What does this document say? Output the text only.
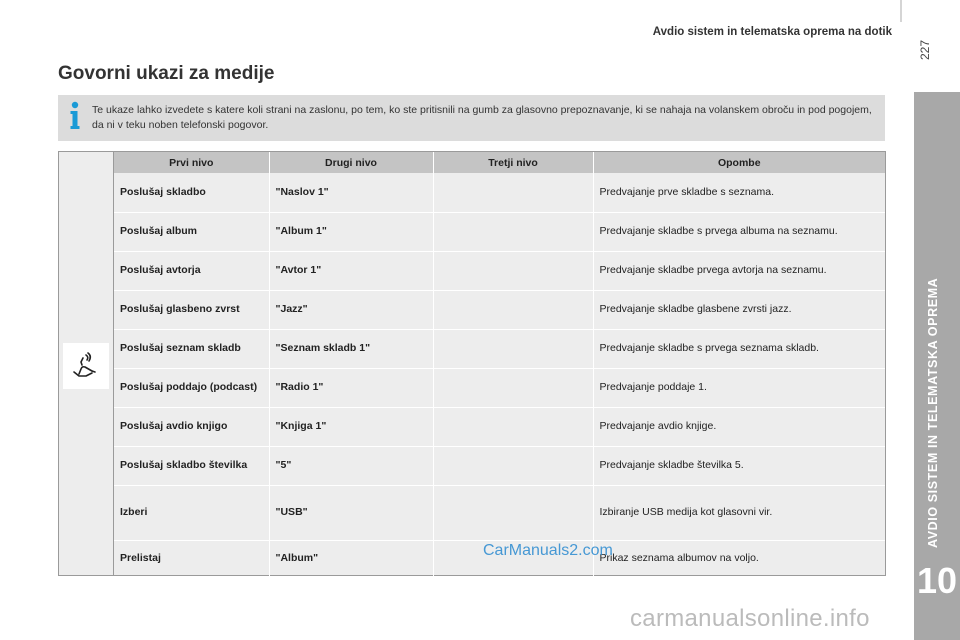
Avdio sistem in telematska oprema na dotik
227
AVDIO SISTEM IN TELEMATSKA OPREMA
10
Govorni ukazi za medije
Te ukaze lahko izvedete s katere koli strani na zaslonu, po tem, ko ste pritisnili na gumb za glasovno prepoznavanje, ki se nahaja na volanskem obroču in pod pogojem, da ni v teku noben telefonski pogovor.
Prvi nivo	Drugi nivo	Tretji nivo	Opombe
Poslušaj skladbo	"Naslov 1"		Predvajanje prve skladbe s seznama.
Poslušaj album	"Album 1"		Predvajanje skladbe s prvega albuma na seznamu.
Poslušaj avtorja	"Avtor 1"		Predvajanje skladbe prvega avtorja na seznamu.
Poslušaj glasbeno zvrst	"Jazz"		Predvajanje skladbe glasbene zvrsti jazz.
Poslušaj seznam skladb	"Seznam skladb 1"		Predvajanje skladbe s prvega seznama skladb.
Poslušaj poddajo (podcast)	"Radio 1"		Predvajanje poddaje 1.
Poslušaj avdio knjigo	"Knjiga 1"		Predvajanje avdio knjige.
Poslušaj skladbo številka	"5"		Predvajanje skladbe številka 5.
Izberi	"USB"		Izbiranje USB medija kot glasovni vir.
Prelistaj	"Album"		Prikaz seznama albumov na voljo.
CarManuals2.com
carmanualsonline.info
